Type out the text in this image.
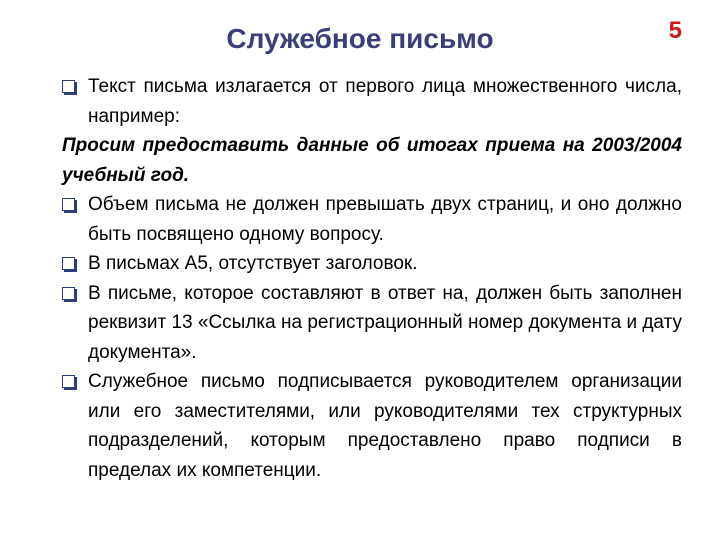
Служебное письмо	5

Текст письма излагается от первого лица множественного числа, например:

Просим предоставить данные об итогах приема на 2003/2004 учебный год.

Объем письма не должен превышать двух страниц, и оно должно быть посвящено одному вопросу.

В письмах А5, отсутствует заголовок.

В письме, которое составляют в ответ на, должен быть заполнен реквизит 13 «Ссылка на регистрационный номер документа и дату документа».

Служебное письмо подписывается руководителем организации или его заместителями, или руководителями тех структурных подразделений, которым предоставлено право подписи в пределах их компетенции.
